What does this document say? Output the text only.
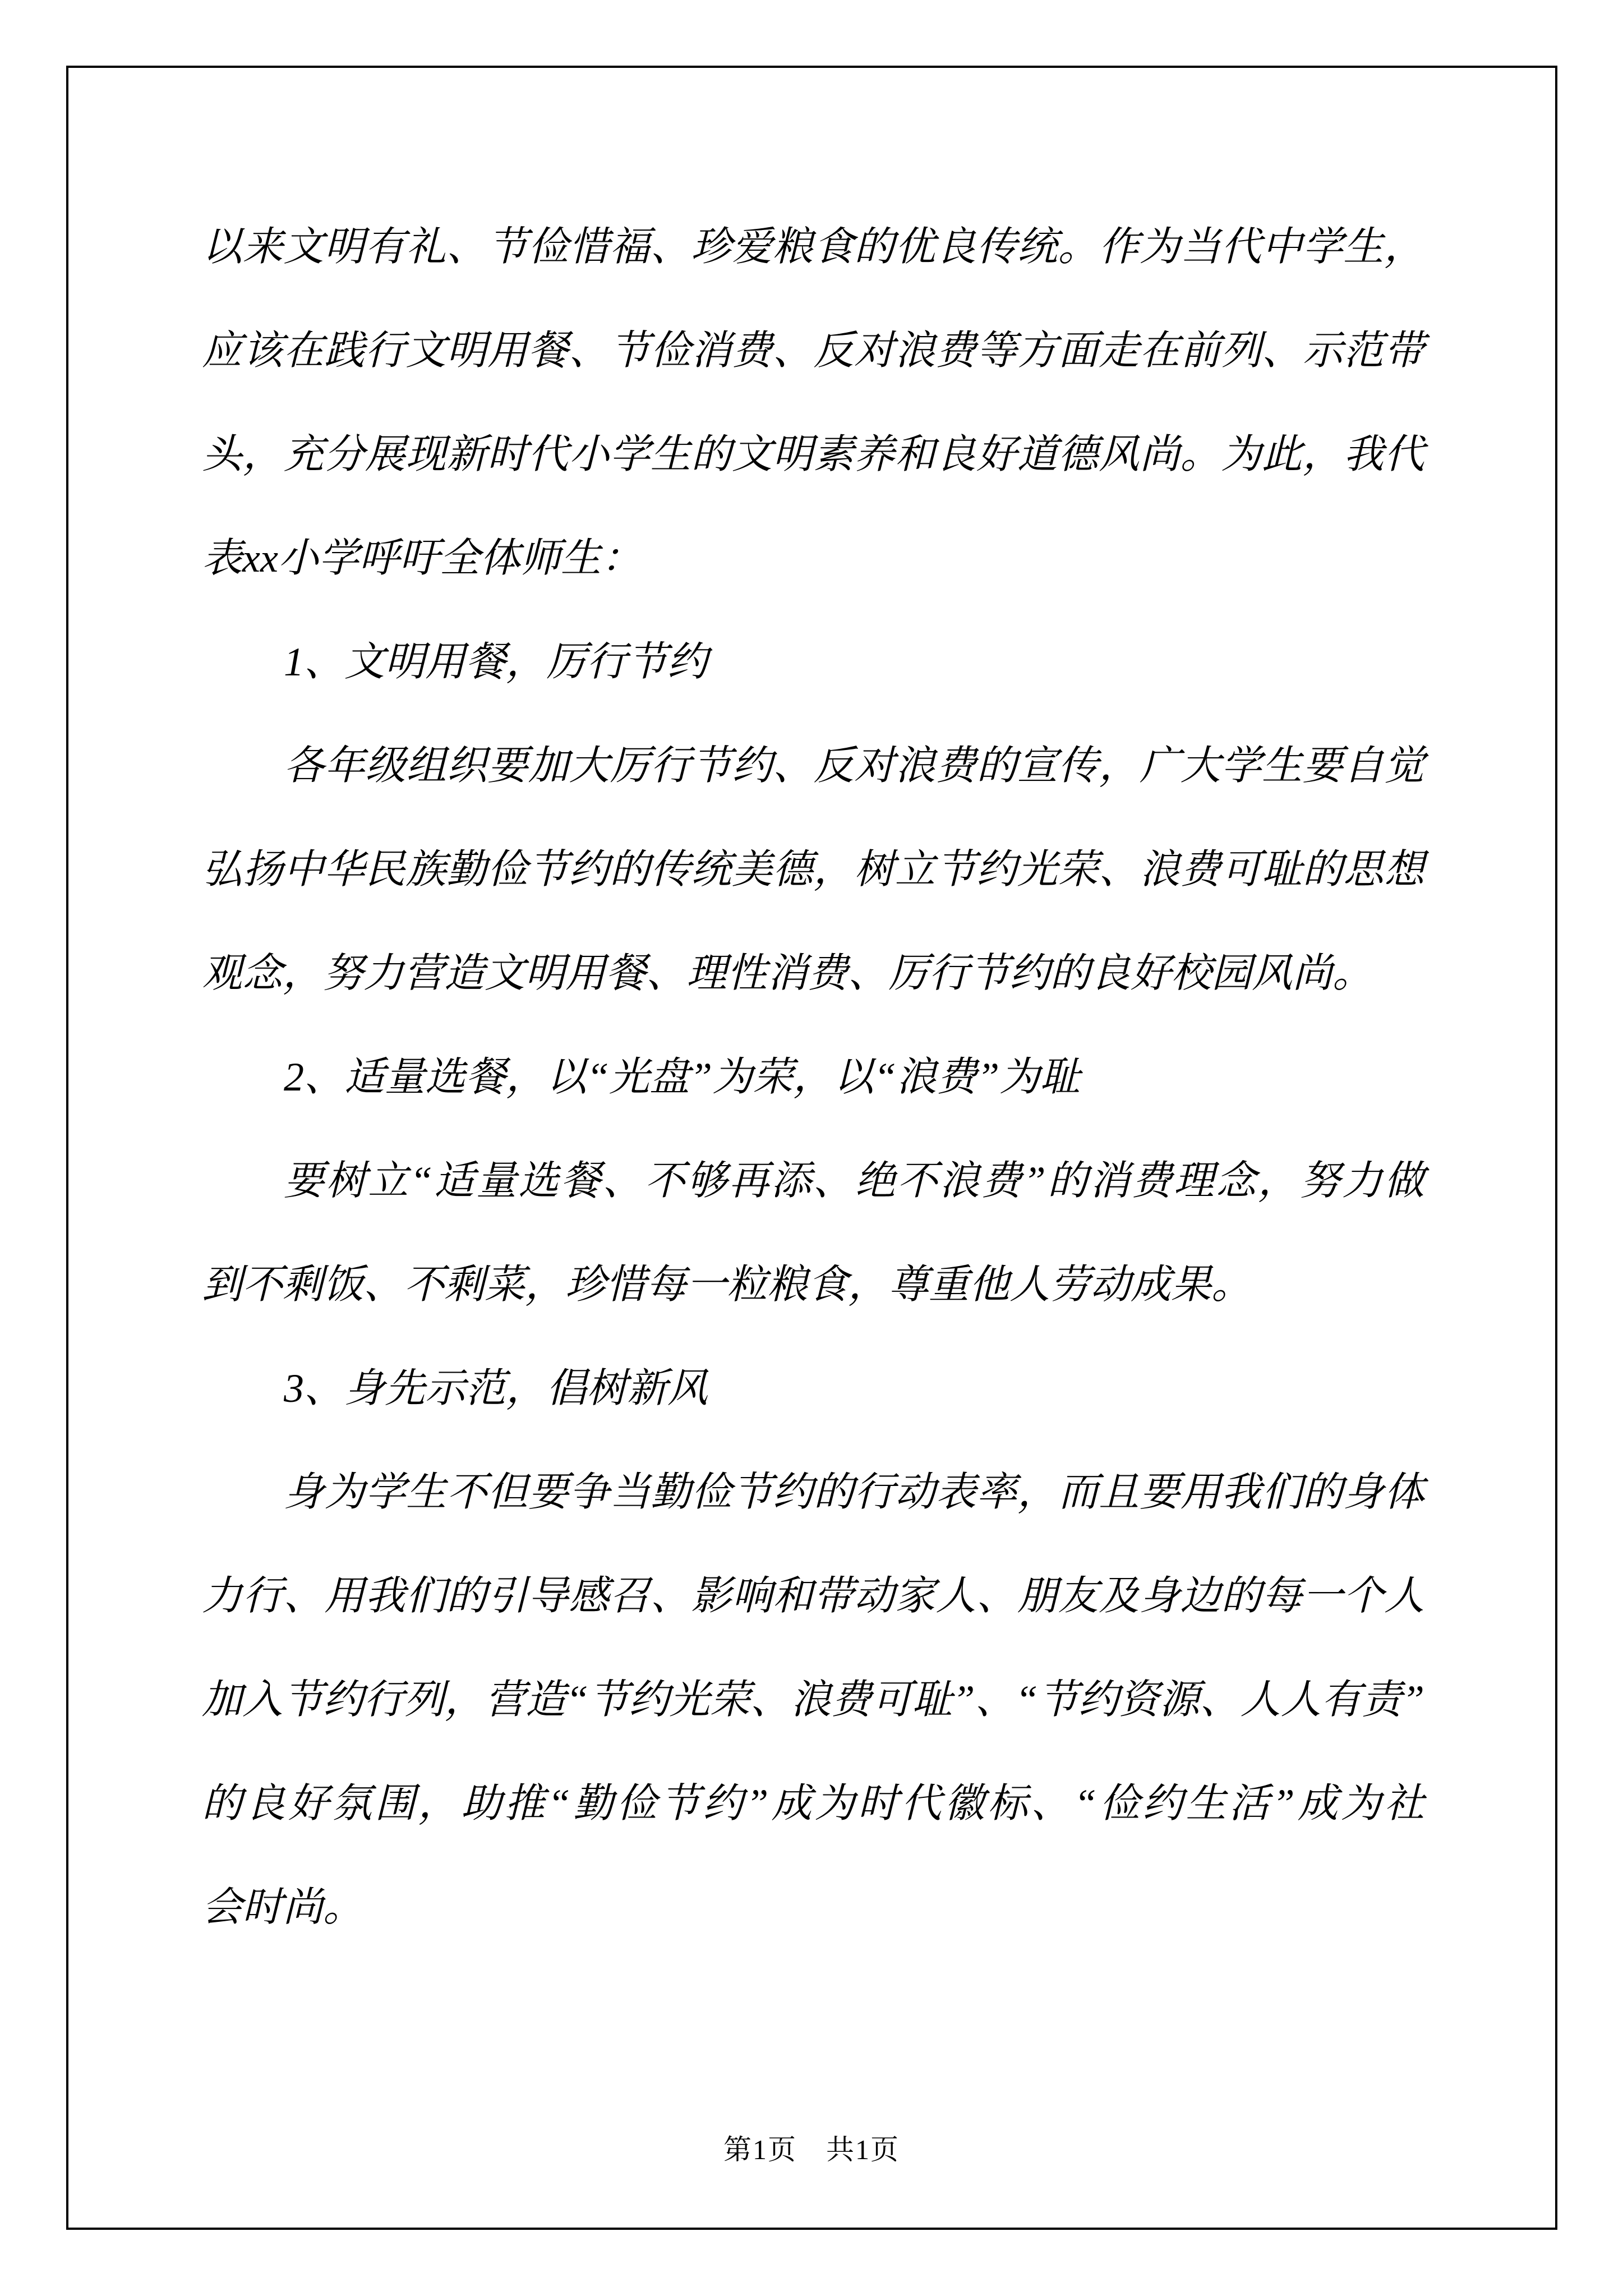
以来文明有礼、节俭惜福、珍爱粮食的优良传统。作为当代中学生，
应该在践行文明用餐、节俭消费、反对浪费等方面走在前列、示范带
头，充分展现新时代小学生的文明素养和良好道德风尚。为此，我代
表xx小学呼吁全体师生：
1、文明用餐，厉行节约
各年级组织要加大厉行节约、反对浪费的宣传，广大学生要自觉
弘扬中华民族勤俭节约的传统美德，树立节约光荣、浪费可耻的思想
观念，努力营造文明用餐、理性消费、厉行节约的良好校园风尚。
2、适量选餐，以“光盘”为荣，以“浪费”为耻
要树立“适量选餐、不够再添、绝不浪费”的消费理念，努力做
到不剩饭、不剩菜，珍惜每一粒粮食，尊重他人劳动成果。
3、身先示范，倡树新风
身为学生不但要争当勤俭节约的行动表率，而且要用我们的身体
力行、用我们的引导感召、影响和带动家人、朋友及身边的每一个人
加入节约行列，营造“节约光荣、浪费可耻”、“节约资源、人人有责”
的良好氛围，助推“勤俭节约”成为时代徽标、“俭约生活”成为社
会时尚。
第1页　共1页
